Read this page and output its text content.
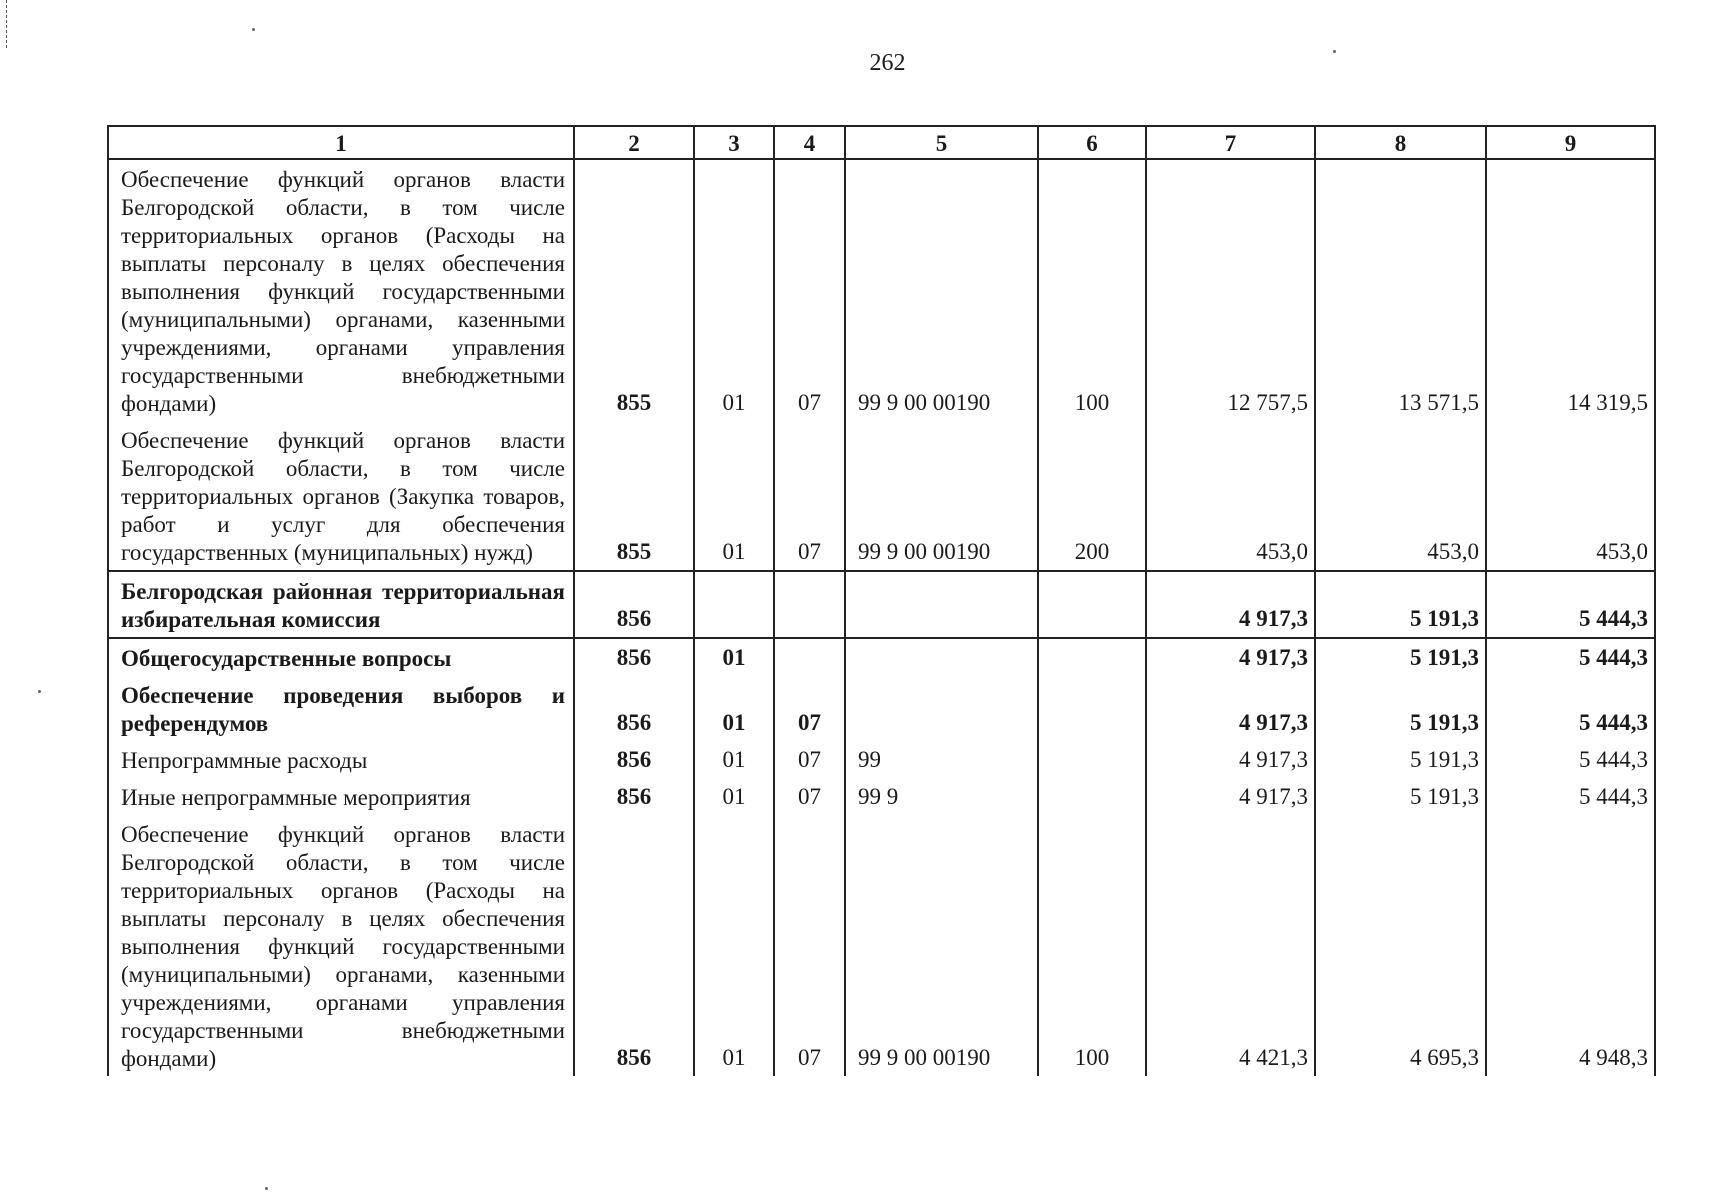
262
1	2	3	4	5	6	7	8	9
Обеспечение функций органов власти Белгородской области, в том числе территориальных органов (Расходы на выплаты персоналу в целях обеспечения выполнения функций государственными (муниципальными) органами, казенными учреждениями, органами управления государственными внебюджетными фондами)	855	01	07	99 9 00 00190	100	12 757,5	13 571,5	14 319,5
Обеспечение функций органов власти Белгородской области, в том числе территориальных органов (Закупка товаров, работ и услуг для обеспечения государственных (муниципальных) нужд)	855	01	07	99 9 00 00190	200	453,0	453,0	453,0
Белгородская районная территориальная избирательная комиссия	856					4 917,3	5 191,3	5 444,3
Общегосударственные вопросы	856	01				4 917,3	5 191,3	5 444,3
Обеспечение проведения выборов и референдумов	856	01	07			4 917,3	5 191,3	5 444,3
Непрограммные расходы	856	01	07	99		4 917,3	5 191,3	5 444,3
Иные непрограммные мероприятия	856	01	07	99 9		4 917,3	5 191,3	5 444,3
Обеспечение функций органов власти Белгородской области, в том числе территориальных органов (Расходы на выплаты персоналу в целях обеспечения выполнения функций государственными (муниципальными) органами, казенными учреждениями, органами управления государственными внебюджетными фондами)	856	01	07	99 9 00 00190	100	4 421,3	4 695,3	4 948,3
